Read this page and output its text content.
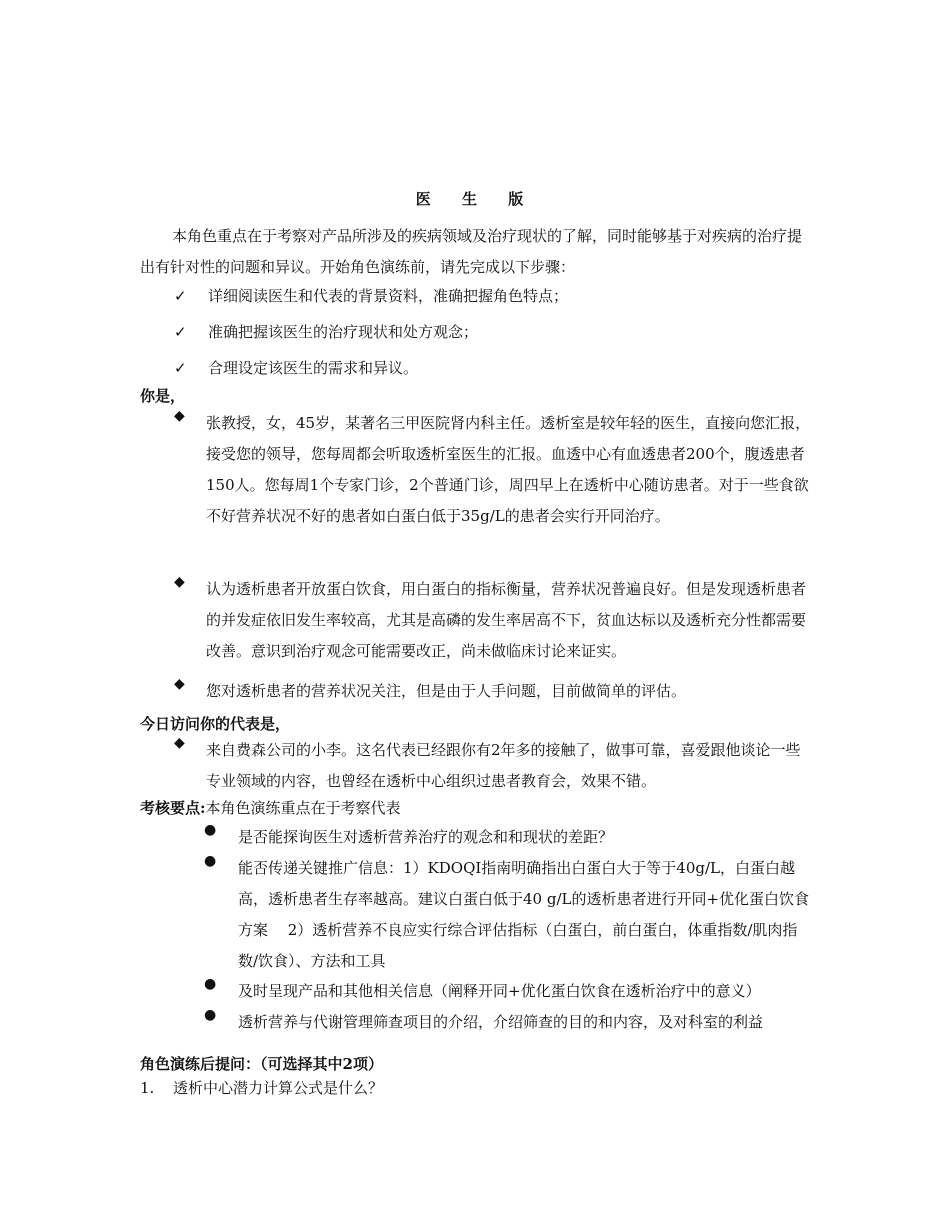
医 生 版
本角色重点在于考察对产品所涉及的疾病领域及治疗现状的了解，同时能够基于对疾病的治疗提出有针对性的问题和异议。开始角色演练前，请先完成以下步骤：
✓ 详细阅读医生和代表的背景资料，准确把握角色特点；
✓ 准确把握该医生的治疗现状和处方观念；
✓ 合理设定该医生的需求和异议。
你是，
◆ 张教授，女，45岁，某著名三甲医院肾内科主任。透析室是较年轻的医生，直接向您汇报，接受您的领导，您每周都会听取透析室医生的汇报。血透中心有血透患者200个，腹透患者150人。您每周1个专家门诊，2个普通门诊，周四早上在透析中心随访患者。对于一些食欲不好营养状况不好的患者如白蛋白低于35g/L的患者会实行开同治疗。
◆ 认为透析患者开放蛋白饮食，用白蛋白的指标衡量，营养状况普遍良好。但是发现透析患者的并发症依旧发生率较高，尤其是高磷的发生率居高不下，贫血达标以及透析充分性都需要改善。意识到治疗观念可能需要改正，尚未做临床讨论来证实。
◆ 您对透析患者的营养状况关注，但是由于人手问题，目前做简单的评估。
今日访问你的代表是，
◆ 来自费森公司的小李。这名代表已经跟你有2年多的接触了，做事可靠，喜爱跟他谈论一些专业领域的内容，也曾经在透析中心组织过患者教育会，效果不错。
考核要点:本角色演练重点在于考察代表
● 是否能探询医生对透析营养治疗的观念和和现状的差距？
● 能否传递关键推广信息：1）KDOQI指南明确指出白蛋白大于等于40g/L，白蛋白越高，透析患者生存率越高。建议白蛋白低于40 g/L的透析患者进行开同+优化蛋白饮食方案　 2）透析营养不良应实行综合评估指标（白蛋白，前白蛋白，体重指数/肌肉指数/饮食）、方法和工具
● 及时呈现产品和其他相关信息（阐释开同+优化蛋白饮食在透析治疗中的意义）
● 透析营养与代谢管理筛查项目的介绍，介绍筛查的目的和内容，及对科室的利益
角色演练后提问：（可选择其中2项）
1. 透析中心潜力计算公式是什么？
